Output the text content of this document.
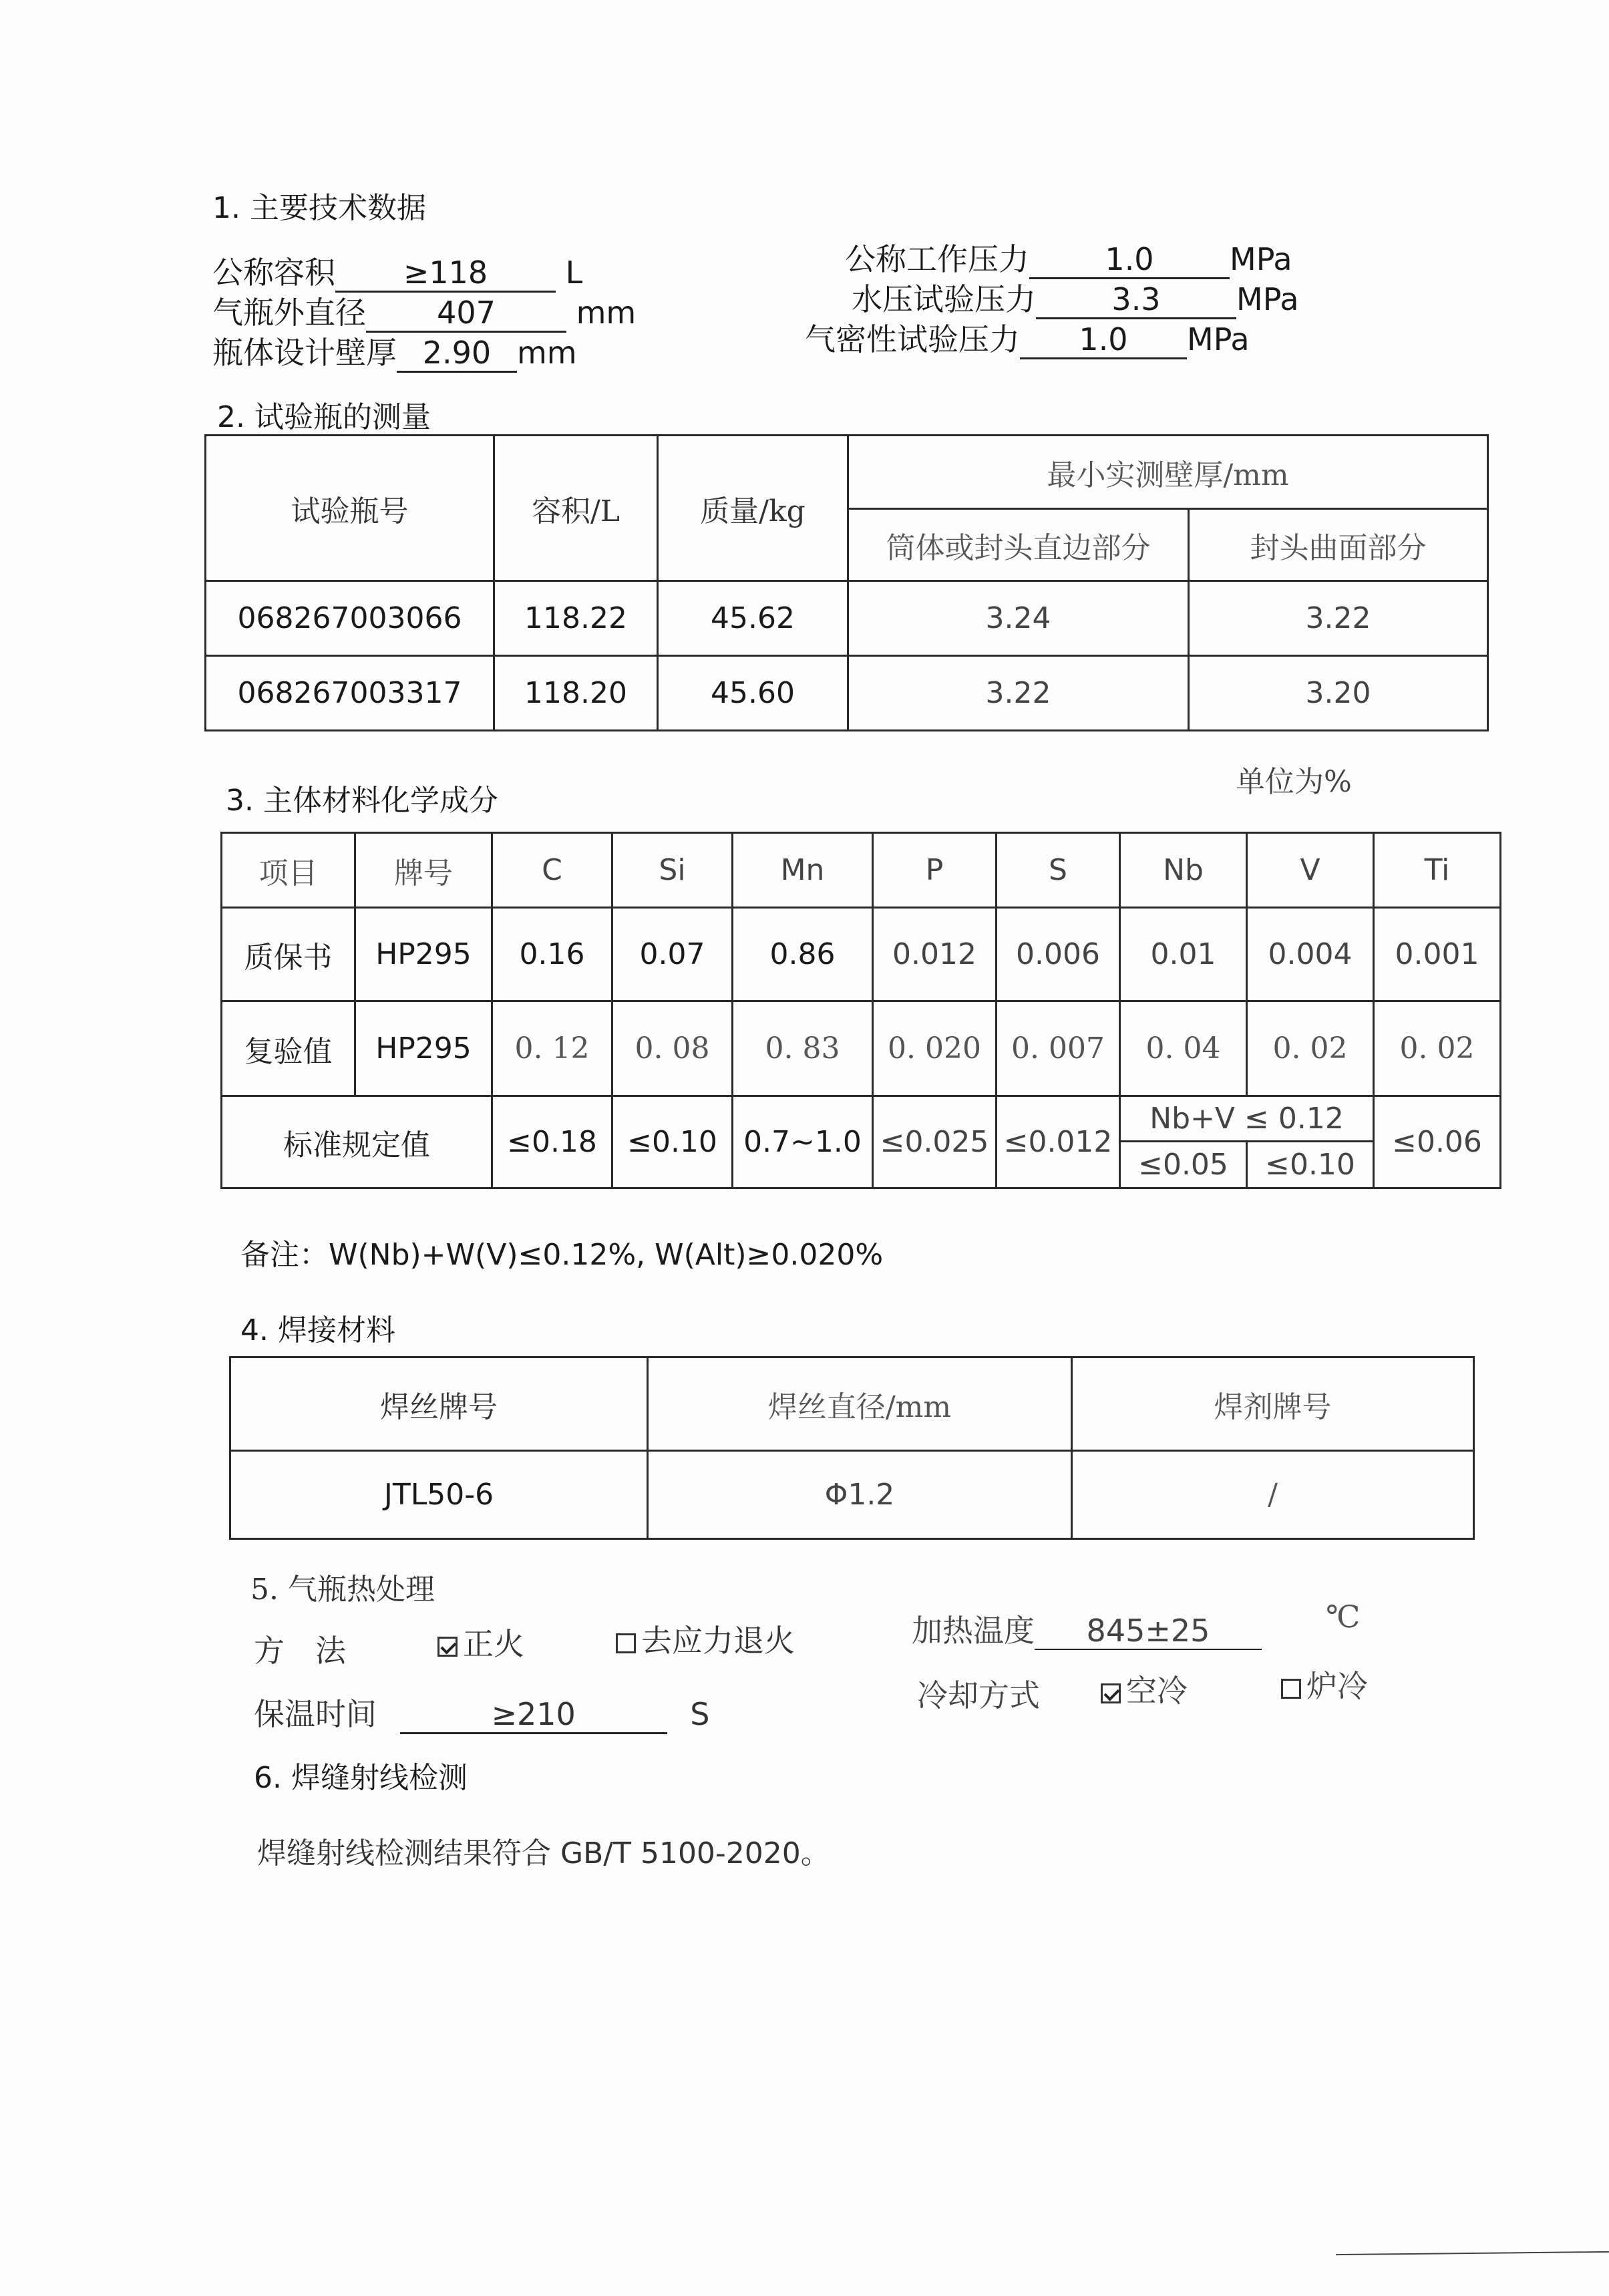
1. 主要技术数据
公称容积 ≥118	L
气瓶外直径 407	mm
瓶体设计壁厚 2.90 mm
公称工作压力 1.0 MPa
水压试验压力 3.3 MPa
气密性试验压力 1.0 MPa
2. 试验瓶的测量
试验瓶号	容积/L	质量/kg	最小实测壁厚/mm	
			筒体或封头直边部分	封头曲面部分
068267003066	118.22	45.62	3.24	3.22
068267003317	118.20	45.60	3.22	3.20
3. 主体材料化学成分
单位为%
项目	牌号	C	Si	Mn	P	S	Nb	V	Ti
质保书	HP295	0.16	0.07	0.86	0.012	0.006	0.01	0.004	0.001
复验值	HP295	0. 12	0. 08	0. 83	0. 020	0. 007	0. 04	0. 02	0. 02
标准规定值		≤0.18	≤0.10	0.7~1.0	≤0.025	≤0.012	Nb+V ≤ 0.12		≤0.06
							≤0.05	≤0.10	
备注：W(Nb)+W(V)≤0.12%, W(Alt)≥0.020%
4. 焊接材料
焊丝牌号	焊丝直径/mm	焊剂牌号
JTL50-6	Φ1.2	/
5. 气瓶热处理
方　法	正火	去应力退火	加热温度 845±25	℃
保温时间	≥210	S
冷却方式	空冷	炉冷
6. 焊缝射线检测
焊缝射线检测结果符合 GB/T 5100-2020。
